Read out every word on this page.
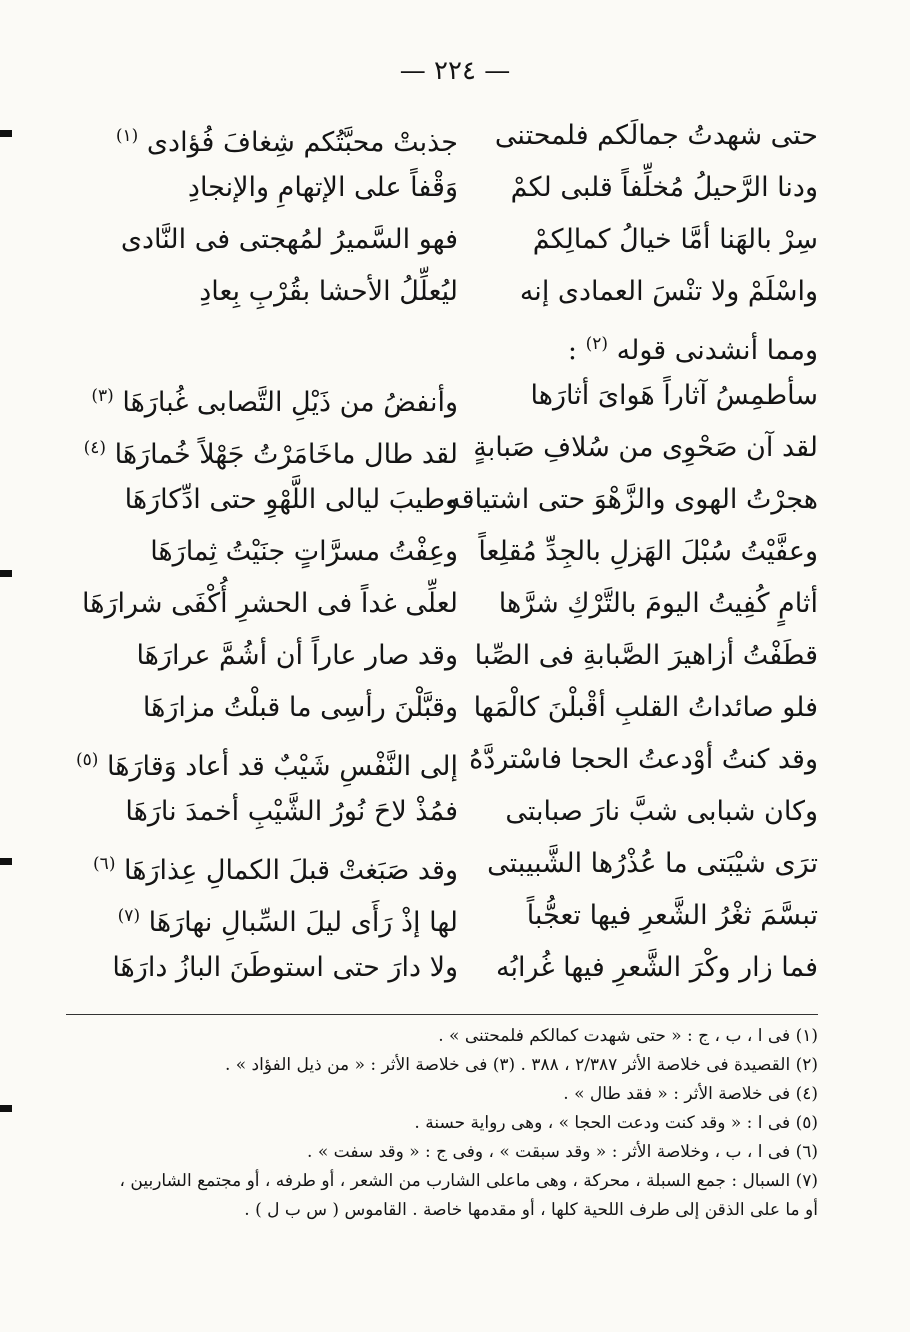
— ٢٢٤ —
حتى شهدتُ جمالَكم فلمحتنى
جذبتْ محبَّتُكم شِغافَ فُؤادى $^{(١)}$
ودنا الرَّحيلُ مُخلِّفاً قلبى لكمْ
وَقْفاً على الإتهامِ والإنجادِ
سِرْ بالهَنا أمَّا خيالُ كمالِكمْ
فهو السَّميرُ لمُهجتى فى النَّادى
واسْلَمْ ولا تنْسَ العمادى إنه
ليُعلِّلُ الأحشا بقُرْبِ بِعادِ
ومما أنشدنى قوله $^{(٢)}$ :
سأطمِسُ آثاراً هَواىَ أثارَها
وأنفضُ من ذَيْلِ التَّصابى غُبارَهَا $^{(٣)}$
لقد آن صَحْوِى من سُلافِ صَبابةٍ
لقد طال ماخَامَرْتُ جَهْلاً خُمارَهَا $^{(٤)}$
هجرْتُ الهوى والزَّهْوَ حتى اشتياقه
وطيبَ ليالى اللَّهْوِ حتى ادِّكارَهَا
وعفَّيْتُ سُبْلَ الهَزلِ بالجِدِّ مُقلِعاً
وعِفْتُ مسرَّاتٍ جنَيْتُ ثِمارَهَا
أثامٍ كُفِيتُ اليومَ بالتَّرْكِ شرَّها
لعلِّى غداً فى الحشرِ أُكْفَى شرارَهَا
قطَفْتُ أزاهيرَ الصَّبابةِ فى الصِّبا
وقد صار عاراً أن أشُمَّ عرارَهَا
فلو صائداتُ القلبِ أقْبلْنَ كالْمَها
وقبَّلْنَ رأسِى ما قبلْتُ مزارَهَا
وقد كنتُ أوْدعتُ الحجا فاسْتردَّهُ
إلى النَّفْسِ شَيْبٌ قد أعاد وَقارَهَا $^{(٥)}$
وكان شبابى شبَّ نارَ صبابتى
فمُذْ لاحَ نُورُ الشَّيْبِ أخمدَ نارَهَا
ترَى شيْبَتى ما عُذْرُها الشَّبيبتى
وقد صَبَغتْ قبلَ الكمالِ عِذارَهَا $^{(٦)}$
تبسَّمَ ثغْرُ الشَّعرِ فيها تعجُّباً
لها إذْ رَأَى ليلَ السِّبالِ نهارَهَا $^{(٧)}$
فما زار وكْرَ الشَّعرِ فيها غُرابُه
ولا دارَ حتى استوطَنَ البازُ دارَهَا
(١) فى ا ، ب ، ج : « حتى شهدت كمالكم فلمحتنى » .
(٢) القصيدة فى خلاصة الأثر ٢/٣٨٧ ، ٣٨٨ . (٣) فى خلاصة الأثر : « من ذيل الفؤاد » .
(٤) فى خلاصة الأثر : « فقد طال » .
(٥) فى ا : « وقد كنت ودعت الحجا » ، وهى رواية حسنة .
(٦) فى ا ، ب ، وخلاصة الأثر : « وقد سبقت » ، وفى ج : « وقد سفت » .
(٧) السبال : جمع السبلة ، محركة ، وهى ماعلى الشارب من الشعر ، أو طرفه ، أو مجتمع الشاربين ،
أو ما على الذقن إلى طرف اللحية كلها ، أو مقدمها خاصة . القاموس ( س ب ل ) .
